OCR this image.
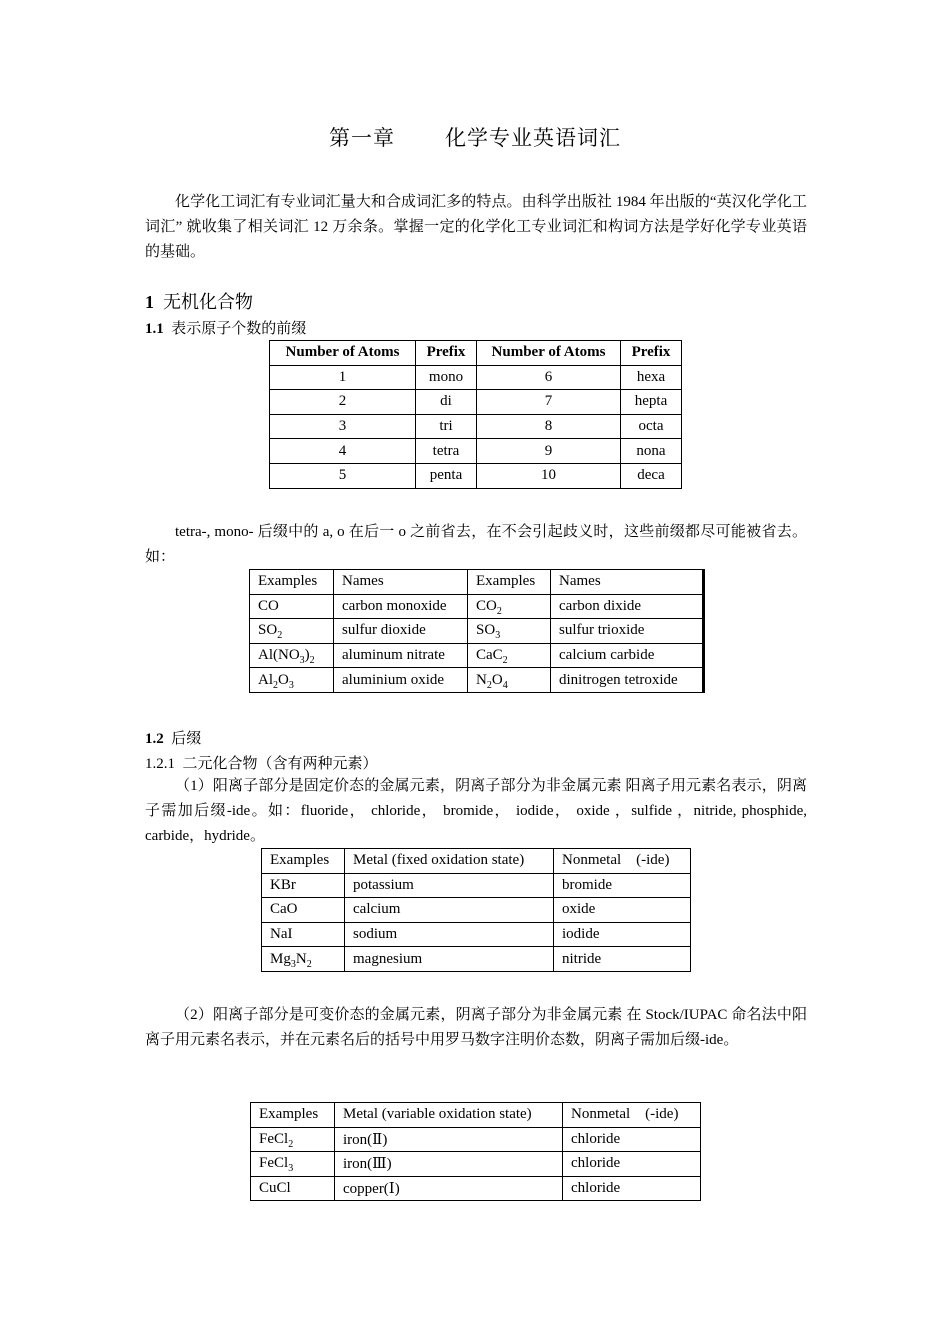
第一章 化学专业英语词汇
化学化工词汇有专业词汇量大和合成词汇多的特点。由科学出版社 1984 年出版的“英汉化学化工词汇” 就收集了相关词汇 12 万余条。掌握一定的化学化工专业词汇和构词方法是学好化学专业英语的基础。
1 无机化合物
1.1 表示原子个数的前缀
Number of Atoms	Prefix	Number of Atoms	Prefix
1	mono	6	hexa
2	di	7	hepta
3	tri	8	octa
4	tetra	9	nona
5	penta	10	deca
tetra-, mono- 后缀中的 a, o 在后一 o 之前省去，在不会引起歧义时，这些前缀都尽可能被省去。如：
Examples	Names	Examples	Names
CO	carbon monoxide	$CO_2$	carbon dixide
$SO_2$	sulfur dioxide	$SO_3$	sulfur trioxide
$Al(NO_3)_2$	aluminum nitrate	CaC$_2$	calcium carbide
$Al_2O_3$	aluminium oxide	$N_2O_4$	dinitrogen tetroxide
1.2 后缀
1.2.1 二元化合物（含有两种元素）
（1）阳离子部分是固定价态的金属元素，阴离子部分为非金属元素 阳离子用元素名表示，阴离子需加后缀-ide。如：fluoride， chloride， bromide， iodide， oxide ，sulfide ，nitride, phosphide, carbide，hydride。
Examples	Metal (fixed oxidation state)	Nonmetal    (-ide)
KBr	potassium	bromide
CaO	calcium	oxide
NaI	sodium	iodide
$Mg_3N_2$	magnesium	nitride
（2）阳离子部分是可变价态的金属元素，阴离子部分为非金属元素 在 Stock/IUPAC 命名法中阳离子用元素名表示，并在元素名后的括号中用罗马数字注明价态数，阴离子需加后缀-ide。
Examples	Metal (variable oxidation state)	Nonmetal    (-ide)
FeCl$_2$	iron(Ⅱ)	chloride
FeCl$_3$	iron(Ⅲ)	chloride
CuCl	copper(Ⅰ)	chloride
